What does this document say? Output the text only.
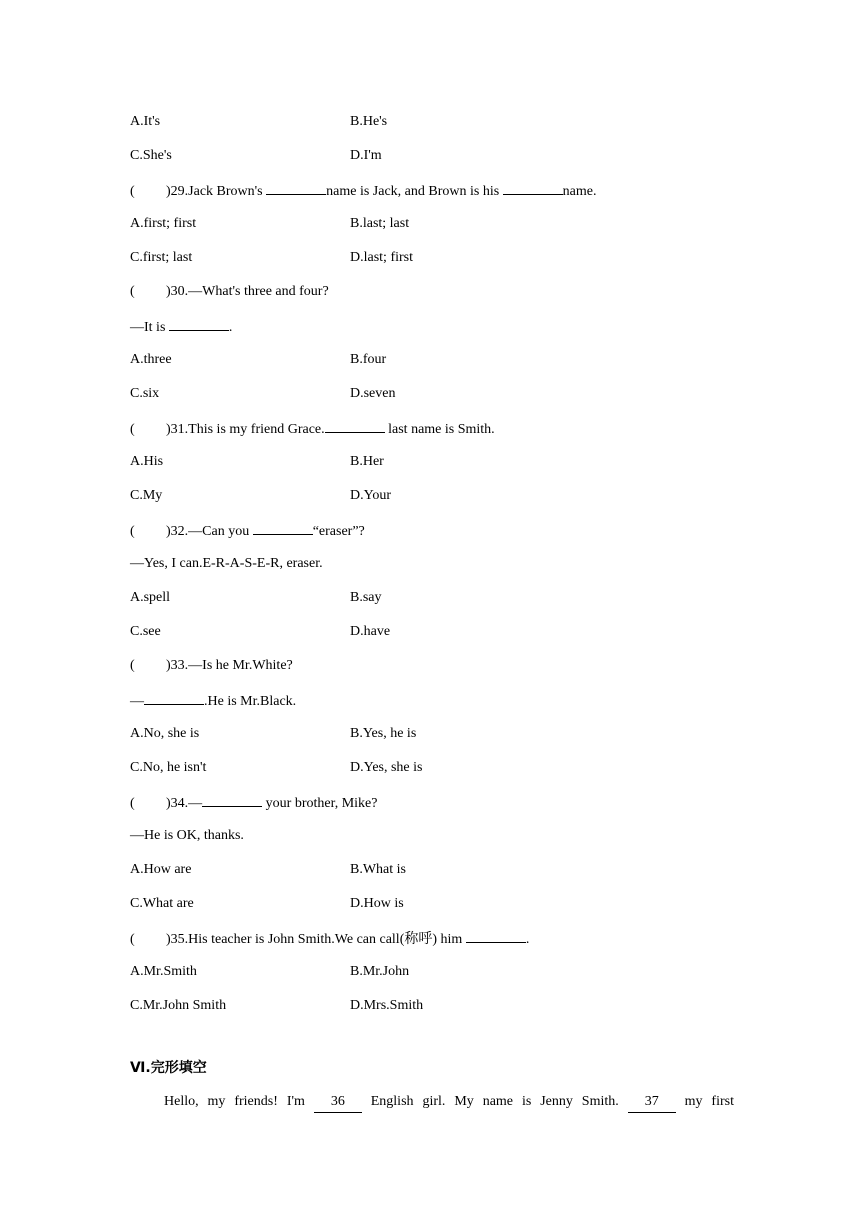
A.It's	B.He's
C.She's	D.I'm
( )29.Jack Brown's	name is Jack, and Brown is his	name.
A.first; first	B.last; last
C.first; last	D.last; first
( )30.—What's three and four?
—It is	.
A.three	B.four
C.six	D.seven
( )31.This is my friend Grace.	last name is Smith.
A.His	B.Her
C.My	D.Your
( )32.—Can you	“eraser”?
—Yes, I can.E-R-A-S-E-R, eraser.
A.spell	B.say
C.see	D.have
( )33.—Is he Mr.White?
—	.He is Mr.Black.
A.No, she is	B.Yes, he is
C.No, he isn't	D.Yes, she is
( )34.—	your brother, Mike?
—He is OK, thanks.
A.How are	B.What is
C.What are	D.How is
( )35.His teacher is John Smith.We can call(称呼) him	.
A.Mr.Smith	B.Mr.John
C.Mr.John Smith	D.Mrs.Smith
Ⅵ.完形填空
Hello, my friends! I'm	36	English girl. My name is Jenny Smith.	37	my first
